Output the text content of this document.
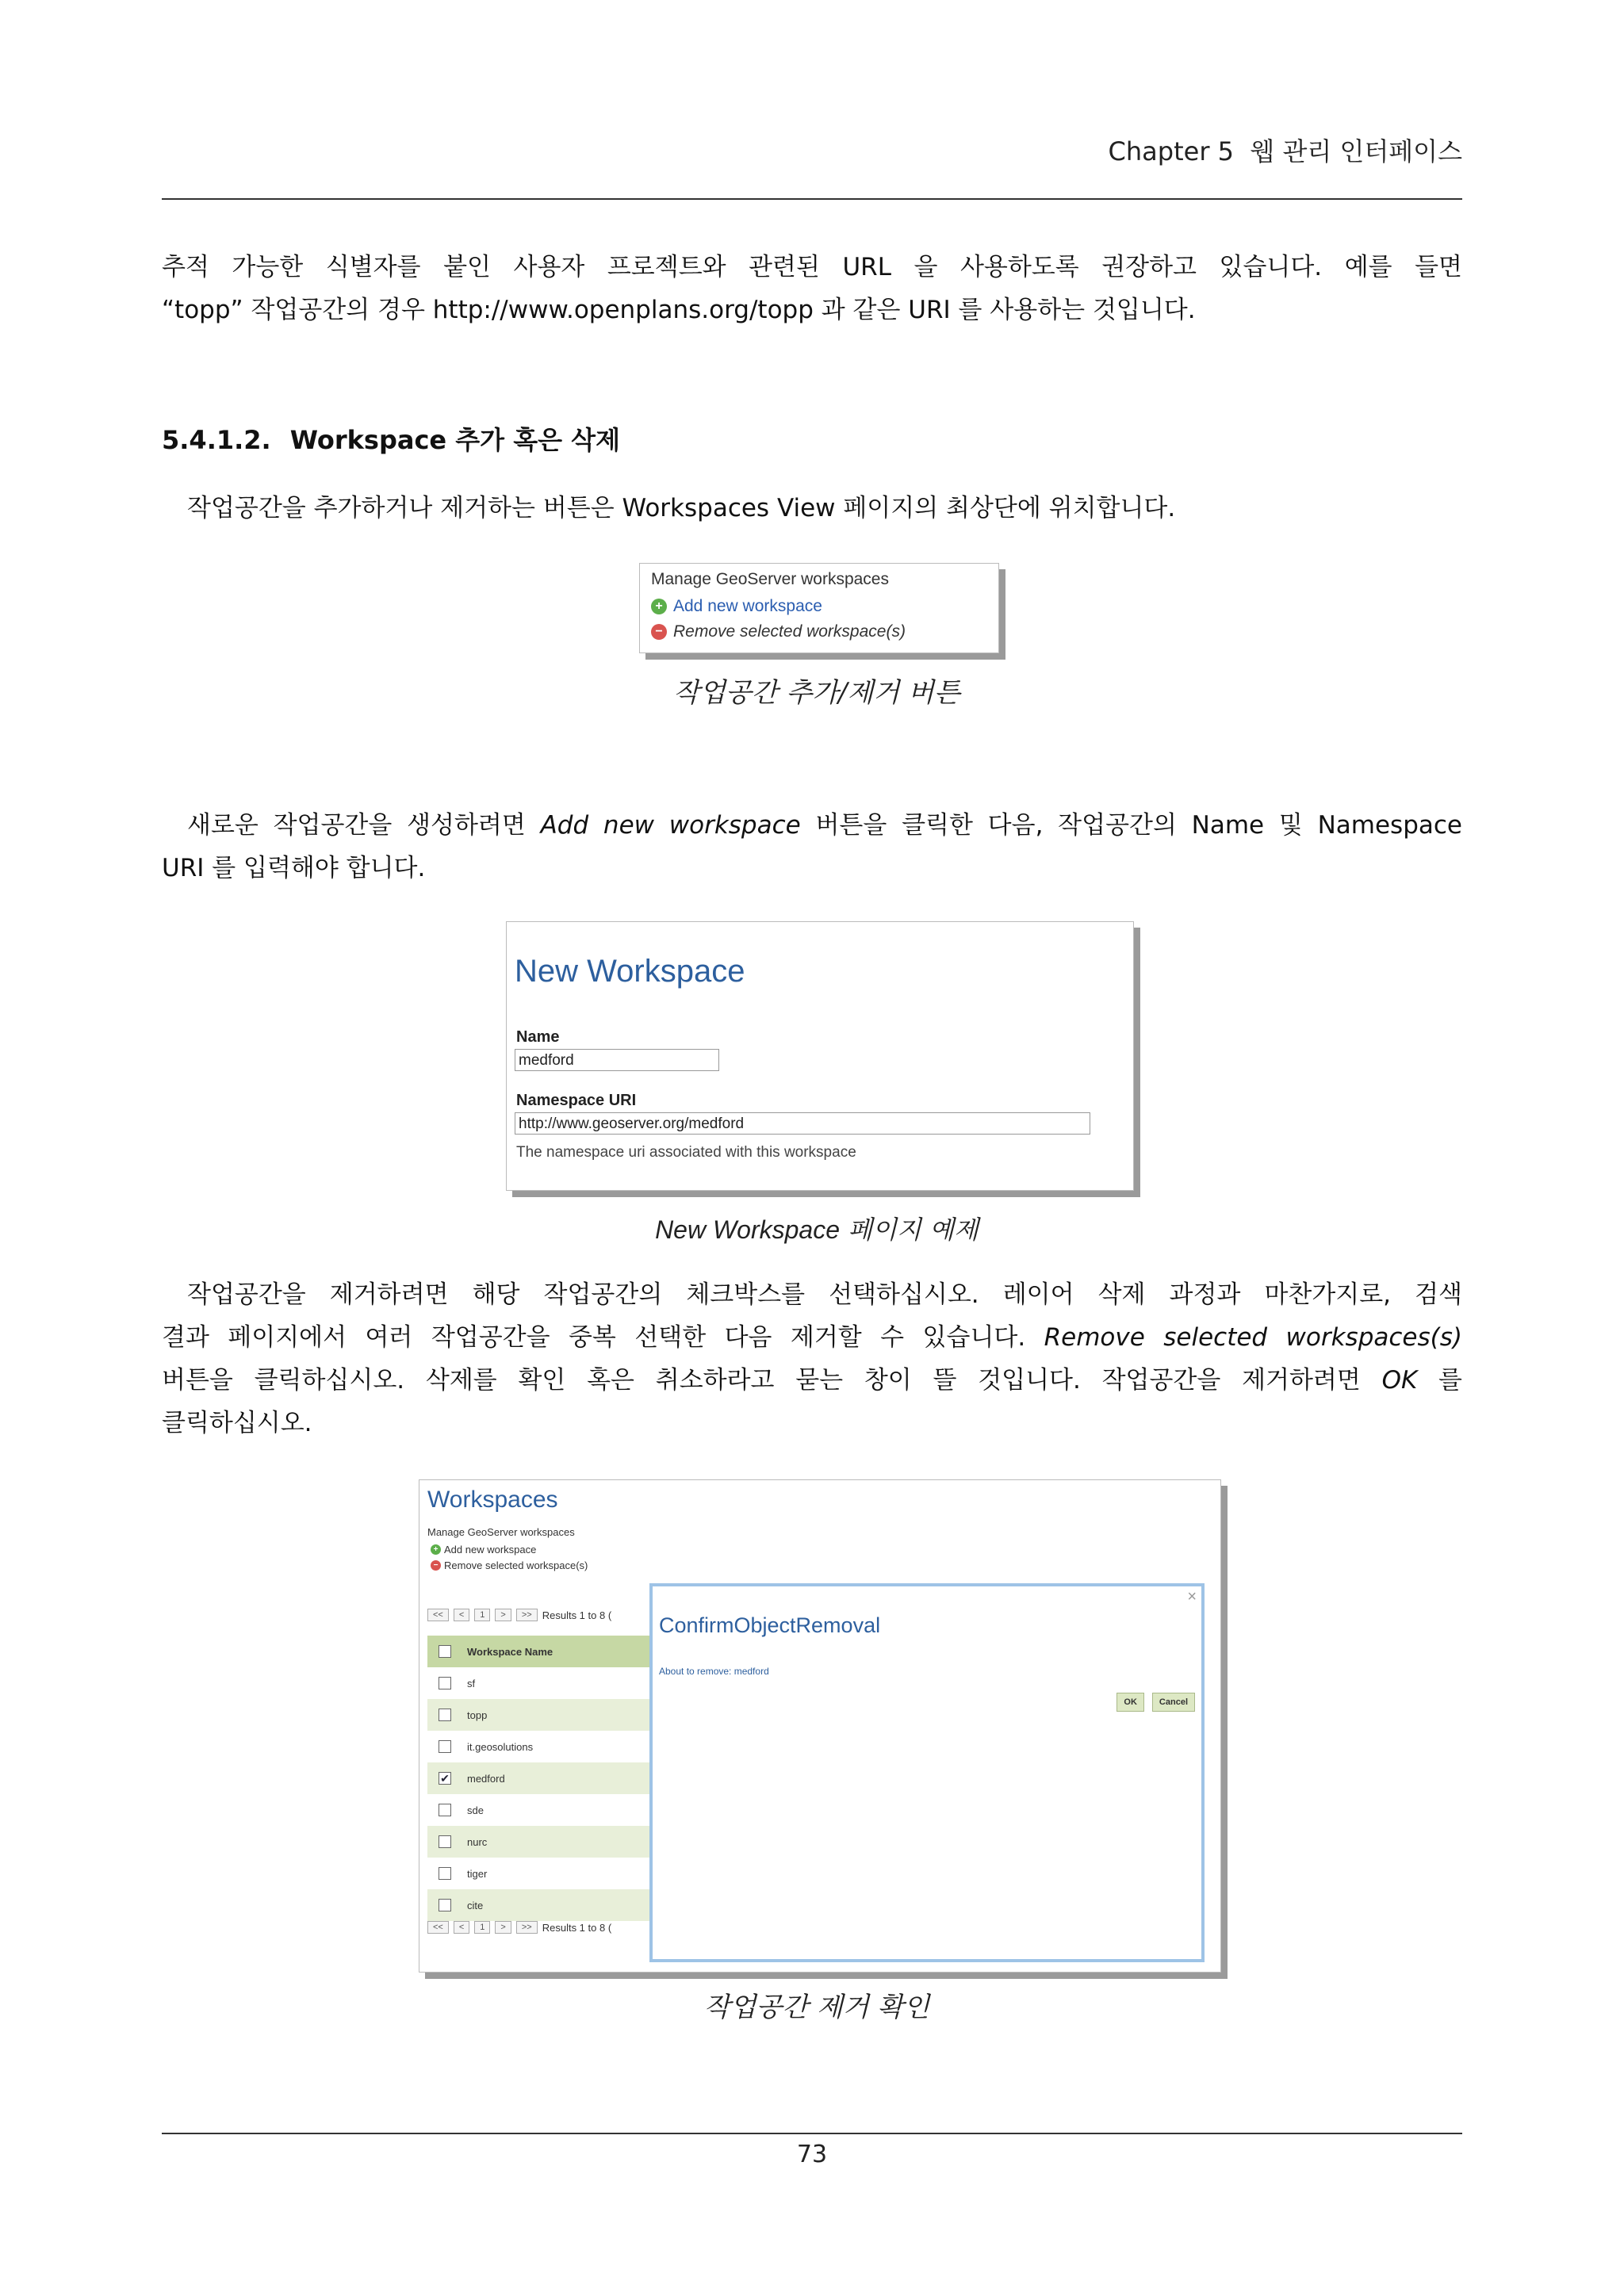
Chapter 5 웹 관리 인터페이스
추적 가능한 식별자를 붙인 사용자 프로젝트와 관련된 URL 을 사용하도록 권장하고 있습니다. 예를 들면
“topp” 작업공간의 경우 http://www.openplans.org/topp 과 같은 URI 를 사용하는 것입니다.
5.4.1.2. Workspace 추가 혹은 삭제
작업공간을 추가하거나 제거하는 버튼은 Workspaces View 페이지의 최상단에 위치합니다.
Manage GeoServer workspaces
+ Add new workspace
− Remove selected workspace(s)
작업공간 추가/제거 버튼
새로운 작업공간을 생성하려면 Add new workspace 버튼을 클릭한 다음, 작업공간의 Name 및 Namespace
URI 를 입력해야 합니다.
New Workspace
Name
medford
Namespace URI
http://www.geoserver.org/medford
The namespace uri associated with this workspace
New Workspace 페이지 예제
작업공간을 제거하려면 해당 작업공간의 체크박스를 선택하십시오. 레이어 삭제 과정과 마찬가지로, 검색
결과 페이지에서 여러 작업공간을 중복 선택한 다음 제거할 수 있습니다. Remove selected workspaces(s)
버튼을 클릭하십시오. 삭제를 확인 혹은 취소하라고 묻는 창이 뜰 것입니다. 작업공간을 제거하려면 OK 를
클릭하십시오.
Workspaces
Manage GeoServer workspaces
+ Add new workspace
− Remove selected workspace(s)
<<	<	1	>	>>	Results 1 to 8 (
Workspace Name
sf
topp
it.geosolutions
✔ medford
sde
nurc
tiger
cite
<<	<	1	>	>>	Results 1 to 8 (
×
ConfirmObjectRemoval
About to remove: medford
OK	Cancel
작업공간 제거 확인
73
